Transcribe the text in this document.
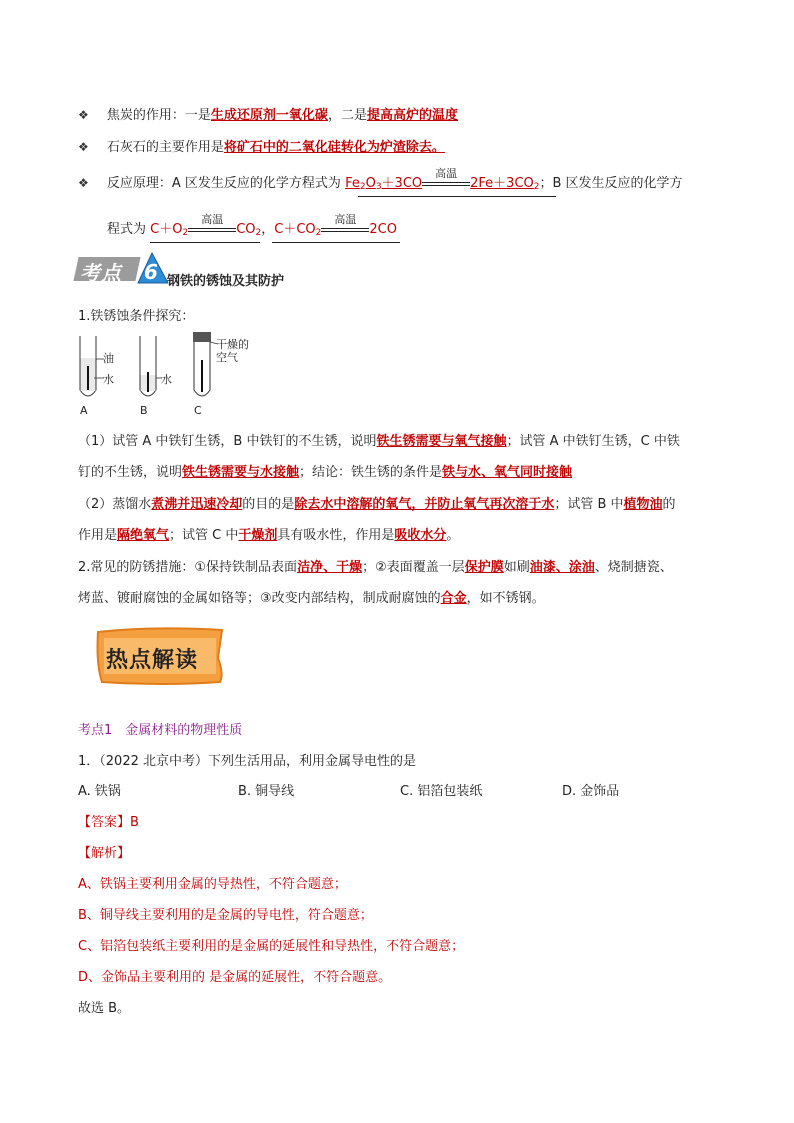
❖ 焦炭的作用：一是生成还原剂一氧化碳，二是提高高炉的温度
❖ 石灰石的主要作用是将矿石中的二氧化硅转化为炉渣除去。
❖ 反应原理：A 区发生反应的化学方程式为 $Fe_2O_3+3CO$
高温
$2Fe+3CO_2$；B 区发生反应的化学方
程式为 $C+O_2$
高温
$CO_2$，$C+CO_2$
高温
2CO
考点 6 钢铁的锈蚀及其防护
1.铁锈蚀条件探究：
油
水	水
干燥的
空气
A	B	C
（1）试管 A 中铁钉生锈，B 中铁钉的不生锈，说明铁生锈需要与氧气接触；试管 A 中铁钉生锈，C 中铁
钉的不生锈，说明铁生锈需要与水接触；结论：铁生锈的条件是铁与水、氧气同时接触
（2）蒸馏水煮沸并迅速冷却的目的是除去水中溶解的氧气，并防止氧气再次溶于水；试管 B 中植物油的
作用是隔绝氧气；试管 C 中干燥剂具有吸水性，作用是吸收水分。
2.常见的防锈措施：①保持铁制品表面洁净、干燥；②表面覆盖一层保护膜如刷油漆、涂油、烧制搪瓷、
烤蓝、镀耐腐蚀的金属如铬等；③改变内部结构，制成耐腐蚀的合金，如不锈钢。
热点解读
考点1　金属材料的物理性质
1．（2022 北京中考）下列生活用品，利用金属导电性的是
A. 铁锅	B. 铜导线	C. 铝箔包装纸	D. 金饰品
【答案】B
【解析】
A、铁锅主要利用金属的导热性，不符合题意；
B、铜导线主要利用的是金属的导电性，符合题意；
C、铝箔包装纸主要利用的是金属的延展性和导热性，不符合题意；
D、金饰品主要利用的 是金属的延展性，不符合题意。
故选 B。
